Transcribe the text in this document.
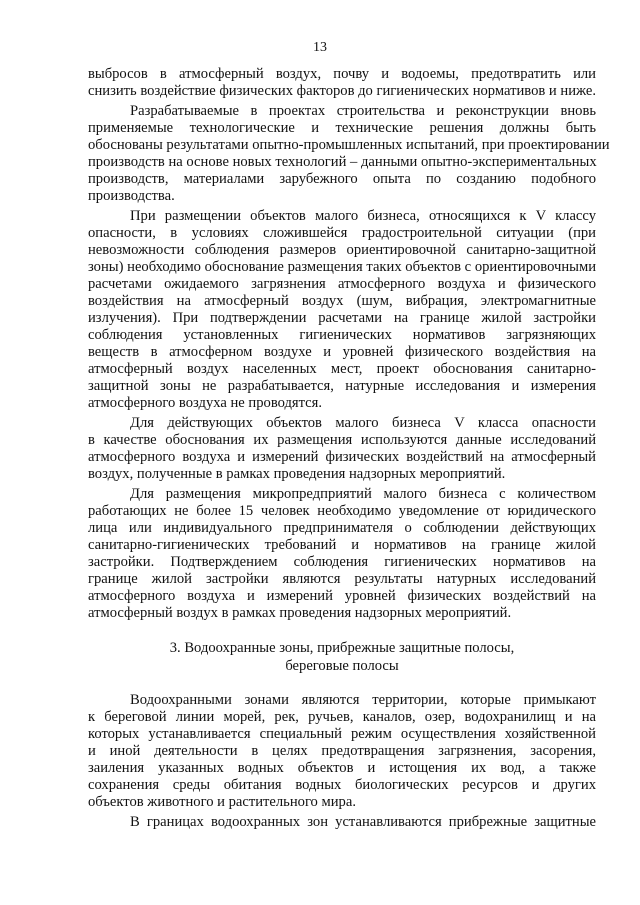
13
выбросов в атмосферный воздух, почву и водоемы, предотвратить или
снизить воздействие физических факторов до гигиенических нормативов и ниже.
Разрабатываемые в проектах строительства и реконструкции вновь
применяемые технологические и технические решения должны быть
обоснованы результатами опытно-промышленных испытаний, при проектировании
производств на основе новых технологий – данными опытно-экспериментальных
производств, материалами зарубежного опыта по созданию подобного
производства.
При размещении объектов малого бизнеса, относящихся к V классу
опасности, в условиях сложившейся градостроительной ситуации (при
невозможности соблюдения размеров ориентировочной санитарно-защитной
зоны) необходимо обоснование размещения таких объектов с ориентировочными
расчетами ожидаемого загрязнения атмосферного воздуха и физического
воздействия на атмосферный воздух (шум, вибрация, электромагнитные
излучения). При подтверждении расчетами на границе жилой застройки
соблюдения установленных гигиенических нормативов загрязняющих
веществ в атмосферном воздухе и уровней физического воздействия на
атмосферный воздух населенных мест, проект обоснования санитарно-
защитной зоны не разрабатывается, натурные исследования и измерения
атмосферного воздуха не проводятся.
Для действующих объектов малого бизнеса V класса опасности
в качестве обоснования их размещения используются данные исследований
атмосферного воздуха и измерений физических воздействий на атмосферный
воздух, полученные в рамках проведения надзорных мероприятий.
Для размещения микропредприятий малого бизнеса с количеством
работающих не более 15 человек необходимо уведомление от юридического
лица или индивидуального предпринимателя о соблюдении действующих
санитарно-гигиенических требований и нормативов на границе жилой
застройки. Подтверждением соблюдения гигиенических нормативов на
границе жилой застройки являются результаты натурных исследований
атмосферного воздуха и измерений уровней физических воздействий на
атмосферный воздух в рамках проведения надзорных мероприятий.
3. Водоохранные зоны, прибрежные защитные полосы,
береговые полосы
Водоохранными зонами являются территории, которые примыкают
к береговой линии морей, рек, ручьев, каналов, озер, водохранилищ и на
которых устанавливается специальный режим осуществления хозяйственной
и иной деятельности в целях предотвращения загрязнения, засорения,
заиления указанных водных объектов и истощения их вод, а также
сохранения среды обитания водных биологических ресурсов и других
объектов животного и растительного мира.
В границах водоохранных зон устанавливаются прибрежные защитные
